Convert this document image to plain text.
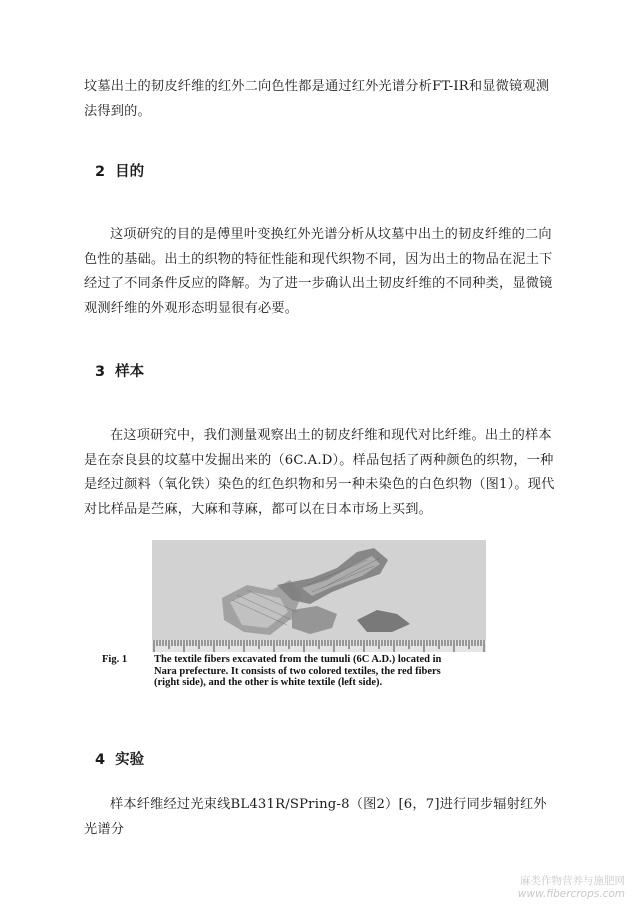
坟墓出土的韧皮纤维的红外二向色性都是通过红外光谱分析FT-IR和显微镜观测法得到的。

2 目的

这项研究的目的是傅里叶变换红外光谱分析从坟墓中出土的韧皮纤维的二向色性的基础。出土的织物的特征性能和现代织物不同，因为出土的物品在泥土下经过了不同条件反应的降解。为了进一步确认出土韧皮纤维的不同种类，显微镜观测纤维的外观形态明显很有必要。

3 样本

在这项研究中，我们测量观察出土的韧皮纤维和现代对比纤维。出土的样本是在奈良县的坟墓中发掘出来的（6C.A.D）。样品包括了两种颜色的织物，一种是经过颜料（氧化铁）染色的红色织物和另一种未染色的白色织物（图1）。现代对比样品是苎麻，大麻和荨麻，都可以在日本市场上买到。

Fig. 1	The textile fibers excavated from the tumuli (6C A.D.) located in Nara prefecture. It consists of two colored textiles, the red fibers (right side), and the other is white textile (left side).
4 实验

样本纤维经过光束线BL431R/SPring-8（图2）[6，7]进行同步辐射红外光谱分

麻类作物营养与施肥网
www.fibercrops.com
